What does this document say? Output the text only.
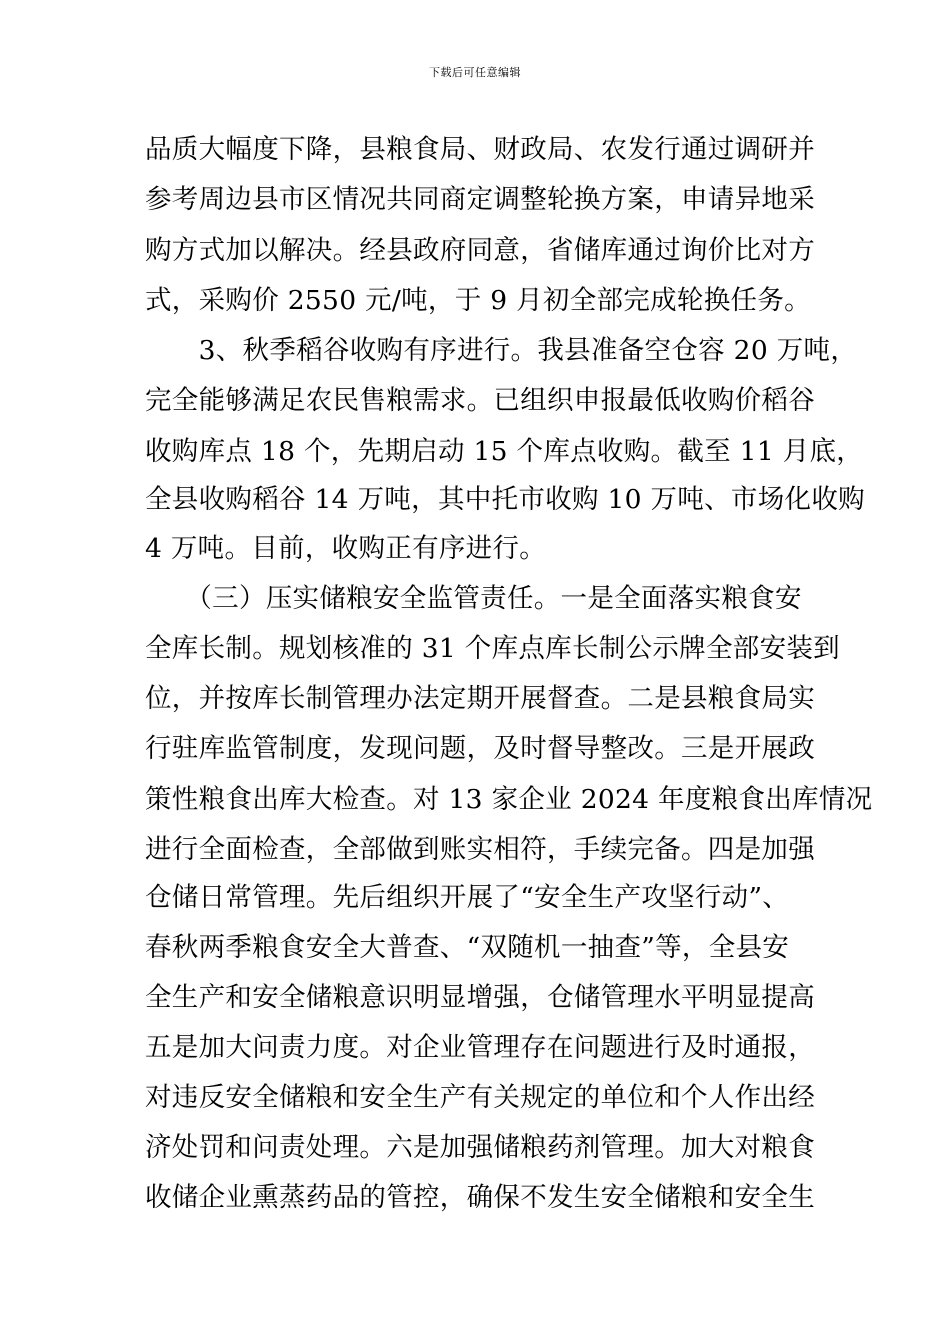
下载后可任意编辑
品质大幅度下降，县粮食局、财政局、农发行通过调研并
参考周边县市区情况共同商定调整轮换方案，申请异地采
购方式加以解决。经县政府同意，省储库通过询价比对方
式，采购价 2550 元/吨，于 9 月初全部完成轮换任务。
　　3、秋季稻谷收购有序进行。我县准备空仓容 20 万吨，
完全能够满足农民售粮需求。已组织申报最低收购价稻谷
收购库点 18 个，先期启动 15 个库点收购。截至 11 月底，
全县收购稻谷 14 万吨，其中托市收购 10 万吨、市场化收购
4 万吨。目前，收购正有序进行。
　　（三）压实储粮安全监管责任。一是全面落实粮食安
全库长制。规划核准的 31 个库点库长制公示牌全部安装到
位，并按库长制管理办法定期开展督查。二是县粮食局实
行驻库监管制度，发现问题，及时督导整改。三是开展政
策性粮食出库大检查。对 13 家企业 2024 年度粮食出库情况
进行全面检查，全部做到账实相符，手续完备。四是加强
仓储日常管理。先后组织开展了“安全生产攻坚行动”、
春秋两季粮食安全大普查、“双随机一抽查”等，全县安
全生产和安全储粮意识明显增强，仓储管理水平明显提高
五是加大问责力度。对企业管理存在问题进行及时通报，
对违反安全储粮和安全生产有关规定的单位和个人作出经
济处罚和问责处理。六是加强储粮药剂管理。加大对粮食
收储企业熏蒸药品的管控，确保不发生安全储粮和安全生
